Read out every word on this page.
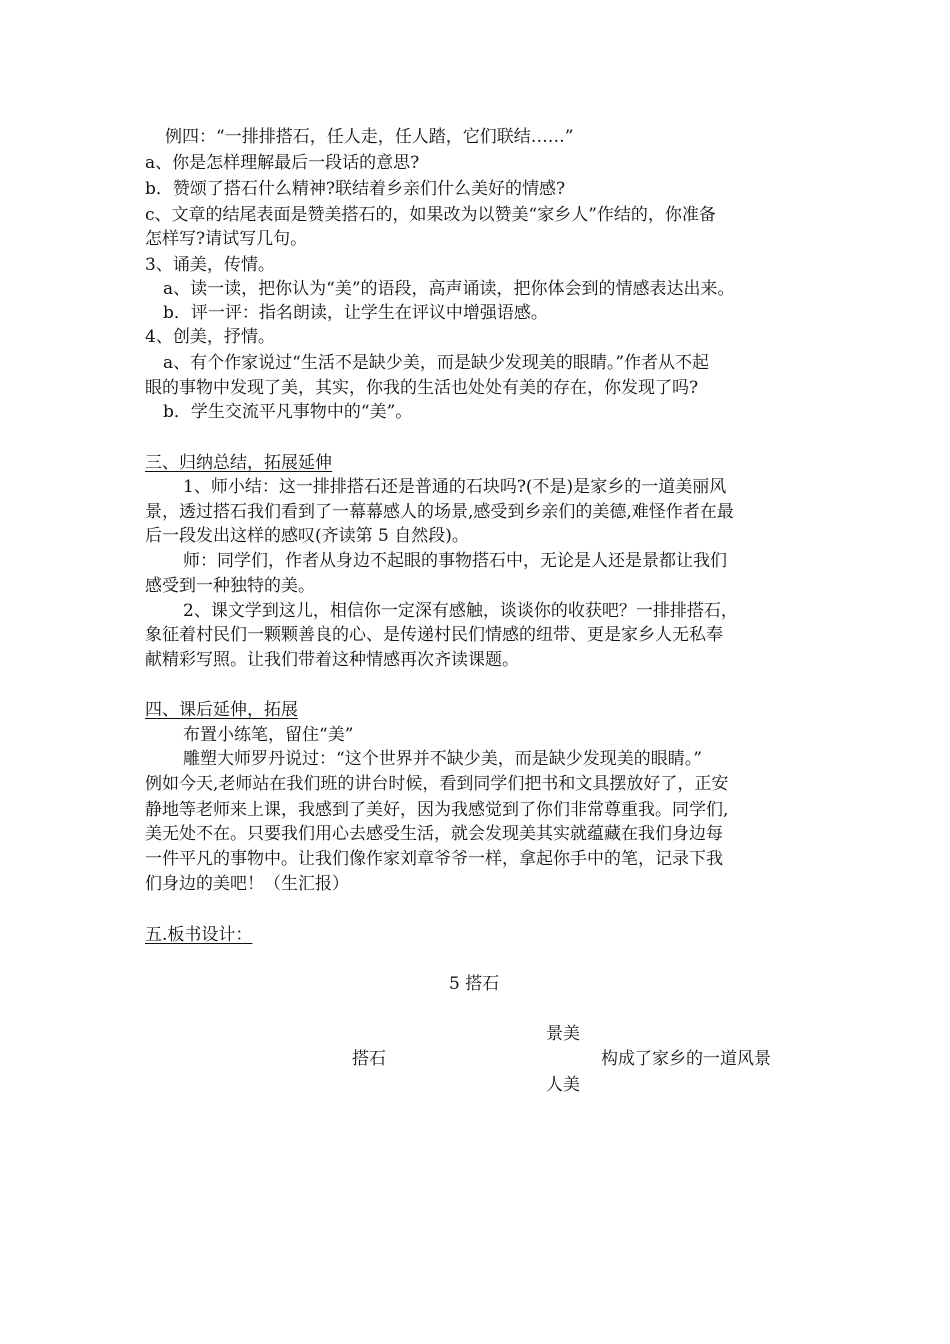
例四：“一排排搭石，任人走，任人踏，它们联结……”
a、你是怎样理解最后一段话的意思?
b．赞颂了搭石什么精神?联结着乡亲们什么美好的情感?
c、文章的结尾表面是赞美搭石的，如果改为以赞美“家乡人”作结的，你准备
怎样写?请试写几句。
3、诵美，传情。
a、读一读，把你认为“美”的语段，高声诵读，把你体会到的情感表达出来。
b．评一评：指名朗读，让学生在评议中增强语感。
4、创美，抒情。
a、有个作家说过“生活不是缺少美，而是缺少发现美的眼睛。”作者从不起
眼的事物中发现了美，其实，你我的生活也处处有美的存在，你发现了吗?
b．学生交流平凡事物中的“美”。
三、归纳总结，拓展延伸
1、师小结：这一排排搭石还是普通的石块吗?(不是)是家乡的一道美丽风
景，透过搭石我们看到了一幕幕感人的场景,感受到乡亲们的美德,难怪作者在最
后一段发出这样的感叹(齐读第 5 自然段)。
师：同学们，作者从身边不起眼的事物搭石中，无论是人还是景都让我们
感受到一种独特的美。
2、课文学到这儿，相信你一定深有感触，谈谈你的收获吧？一排排搭石，
象征着村民们一颗颗善良的心、是传递村民们情感的纽带、更是家乡人无私奉
献精彩写照。让我们带着这种情感再次齐读课题。
四、课后延伸，拓展
布置小练笔，留住“美”
雕塑大师罗丹说过：“这个世界并不缺少美，而是缺少发现美的眼睛。”
例如今天,老师站在我们班的讲台时候，看到同学们把书和文具摆放好了，正安
静地等老师来上课，我感到了美好，因为我感觉到了你们非常尊重我。同学们,
美无处不在。只要我们用心去感受生活，就会发现美其实就蕴藏在我们身边每
一件平凡的事物中。让我们像作家刘章爷爷一样，拿起你手中的笔，记录下我
们身边的美吧！（生汇报）
五.板书设计：
5 搭石
景美
搭石	构成了家乡的一道风景
人美
